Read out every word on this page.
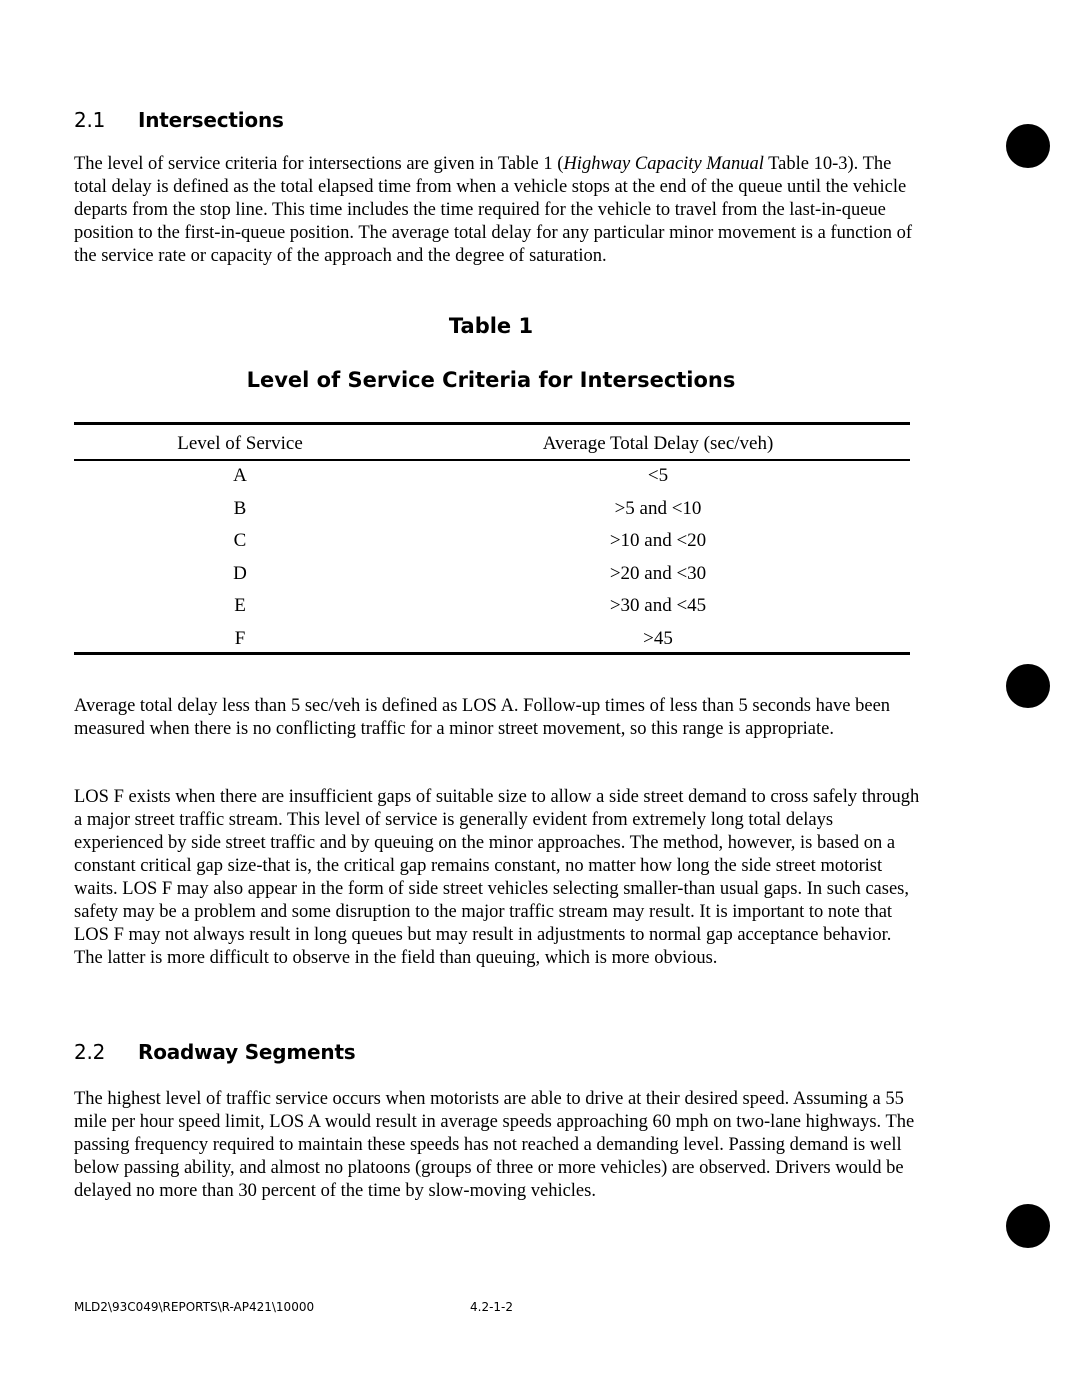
2.1 Intersections

The level of service criteria for intersections are given in Table 1 (Highway Capacity Manual Table 10-3). The total delay is defined as the total elapsed time from when a vehicle stops at the end of the queue until the vehicle departs from the stop line. This time includes the time required for the vehicle to travel from the last-in-queue position to the first-in-queue position. The average total delay for any particular minor movement is a function of the service rate or capacity of the approach and the degree of saturation.

Table 1
Level of Service Criteria for Intersections
Level of Service	Average Total Delay (sec/veh)
A	<5
B	>5 and <10
C	>10 and <20
D	>20 and <30
E	>30 and <45
F	>45

Average total delay less than 5 sec/veh is defined as LOS A. Follow-up times of less than 5 seconds have been measured when there is no conflicting traffic for a minor street movement, so this range is appropriate.

LOS F exists when there are insufficient gaps of suitable size to allow a side street demand to cross safely through a major street traffic stream. This level of service is generally evident from extremely long total delays experienced by side street traffic and by queuing on the minor approaches. The method, however, is based on a constant critical gap size-that is, the critical gap remains constant, no matter how long the side street motorist waits. LOS F may also appear in the form of side street vehicles selecting smaller-than usual gaps. In such cases, safety may be a problem and some disruption to the major traffic stream may result. It is important to note that LOS F may not always result in long queues but may result in adjustments to normal gap acceptance behavior. The latter is more difficult to observe in the field than queuing, which is more obvious.

2.2 Roadway Segments

The highest level of traffic service occurs when motorists are able to drive at their desired speed. Assuming a 55 mile per hour speed limit, LOS A would result in average speeds approaching 60 mph on two-lane highways. The passing frequency required to maintain these speeds has not reached a demanding level. Passing demand is well below passing ability, and almost no platoons (groups of three or more vehicles) are observed. Drivers would be delayed no more than 30 percent of the time by slow-moving vehicles.

MLD2\93C049\REPORTS\R-AP421\10000	4.2-1-2
